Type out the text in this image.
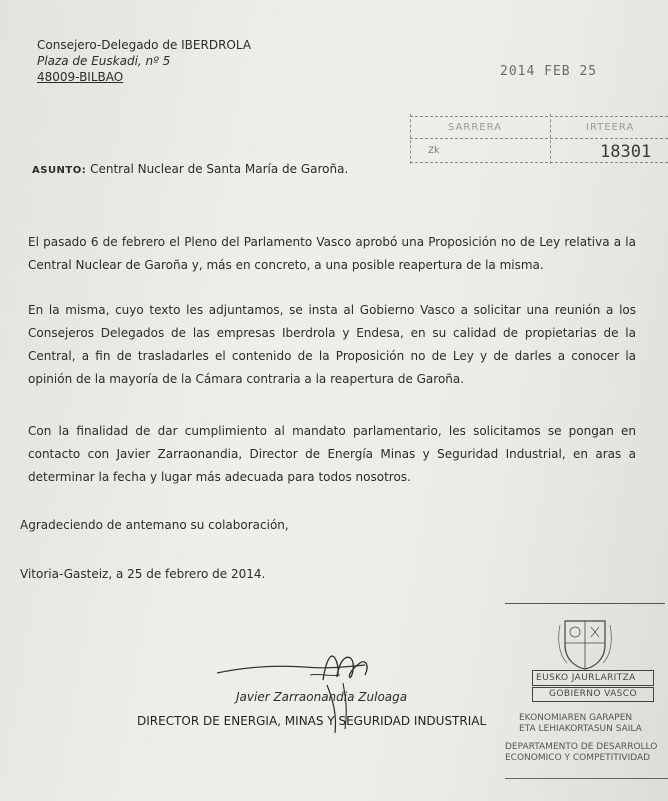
Consejero-Delegado de IBERDROLA
Plaza de Euskadi, nº 5
48009-BILBAO	2014 FEB 25
SARRERA	IRTEERA
Zk	18301
ASUNTO: Central Nuclear de Santa María de Garoña.
El pasado 6 de febrero el Pleno del Parlamento Vasco aprobó una Proposición no de Ley relativa a la Central Nuclear de Garoña y, más en concreto, a una posible reapertura de la misma.
En la misma, cuyo texto les adjuntamos, se insta al Gobierno Vasco a solicitar una reunión a los Consejeros Delegados de las empresas Iberdrola y Endesa, en su calidad de propietarias de la Central, a fin de trasladarles el contenido de la Proposición no de Ley y de darles a conocer la opinión de la mayoría de la Cámara contraria a la reapertura de Garoña.
Con la finalidad de dar cumplimiento al mandato parlamentario, les solicitamos se pongan en contacto con Javier Zarraonandia, Director de Energía Minas y Seguridad Industrial, en aras a determinar la fecha y lugar más adecuada para todos nosotros.
Agradeciendo de antemano su colaboración,
Vitoria-Gasteiz, a 25 de febrero de 2014.
Javier Zarraonandia Zuloaga
DIRECTOR DE ENERGIA, MINAS Y SEGURIDAD INDUSTRIAL
EUSKO JAURLARITZA
GOBIERNO VASCO
EKONOMIAREN GARAPEN
ETA LEHIAKORTASUN SAILA
DEPARTAMENTO DE DESARROLLO
ECONOMICO Y COMPETITIVIDAD
